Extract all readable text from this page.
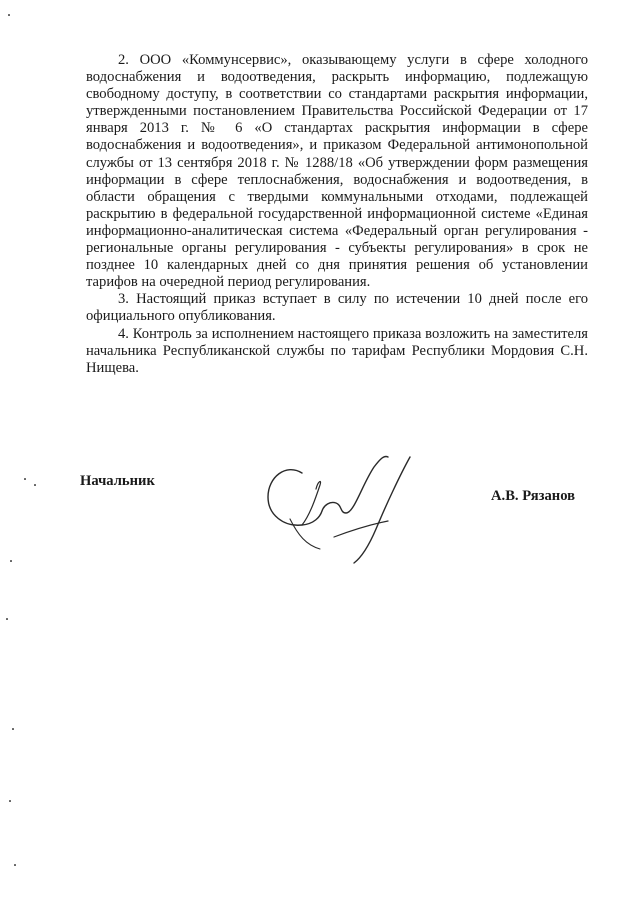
2. ООО «Коммунсервис», оказывающему услуги в сфере холодного водоснабжения и водоотведения, раскрыть информацию, подлежащую свободному доступу, в соответствии со стандартами раскрытия информации, утвержденными постановлением Правительства Российской Федерации от 17 января 2013 г. № 6 «О стандартах раскрытия информации в сфере водоснабжения и водоотведения», и приказом Федеральной антимонопольной службы от 13 сентября 2018 г. № 1288/18 «Об утверждении форм размещения информации в сфере теплоснабжения, водоснабжения и водоотведения, в области обращения с твердыми коммунальными отходами, подлежащей раскрытию в федеральной государственной информационной системе «Единая информационно-аналитическая система «Федеральный орган регулирования - региональные органы регулирования - субъекты регулирования» в срок не позднее 10 календарных дней со дня принятия решения об установлении тарифов на очередной период регулирования.

3. Настоящий приказ вступает в силу по истечении 10 дней после его официального опубликования.

4. Контроль за исполнением настоящего приказа возложить на заместителя начальника Республиканской службы по тарифам Республики Мордовия С.Н. Нищева.

Начальник
А.В. Рязанов
